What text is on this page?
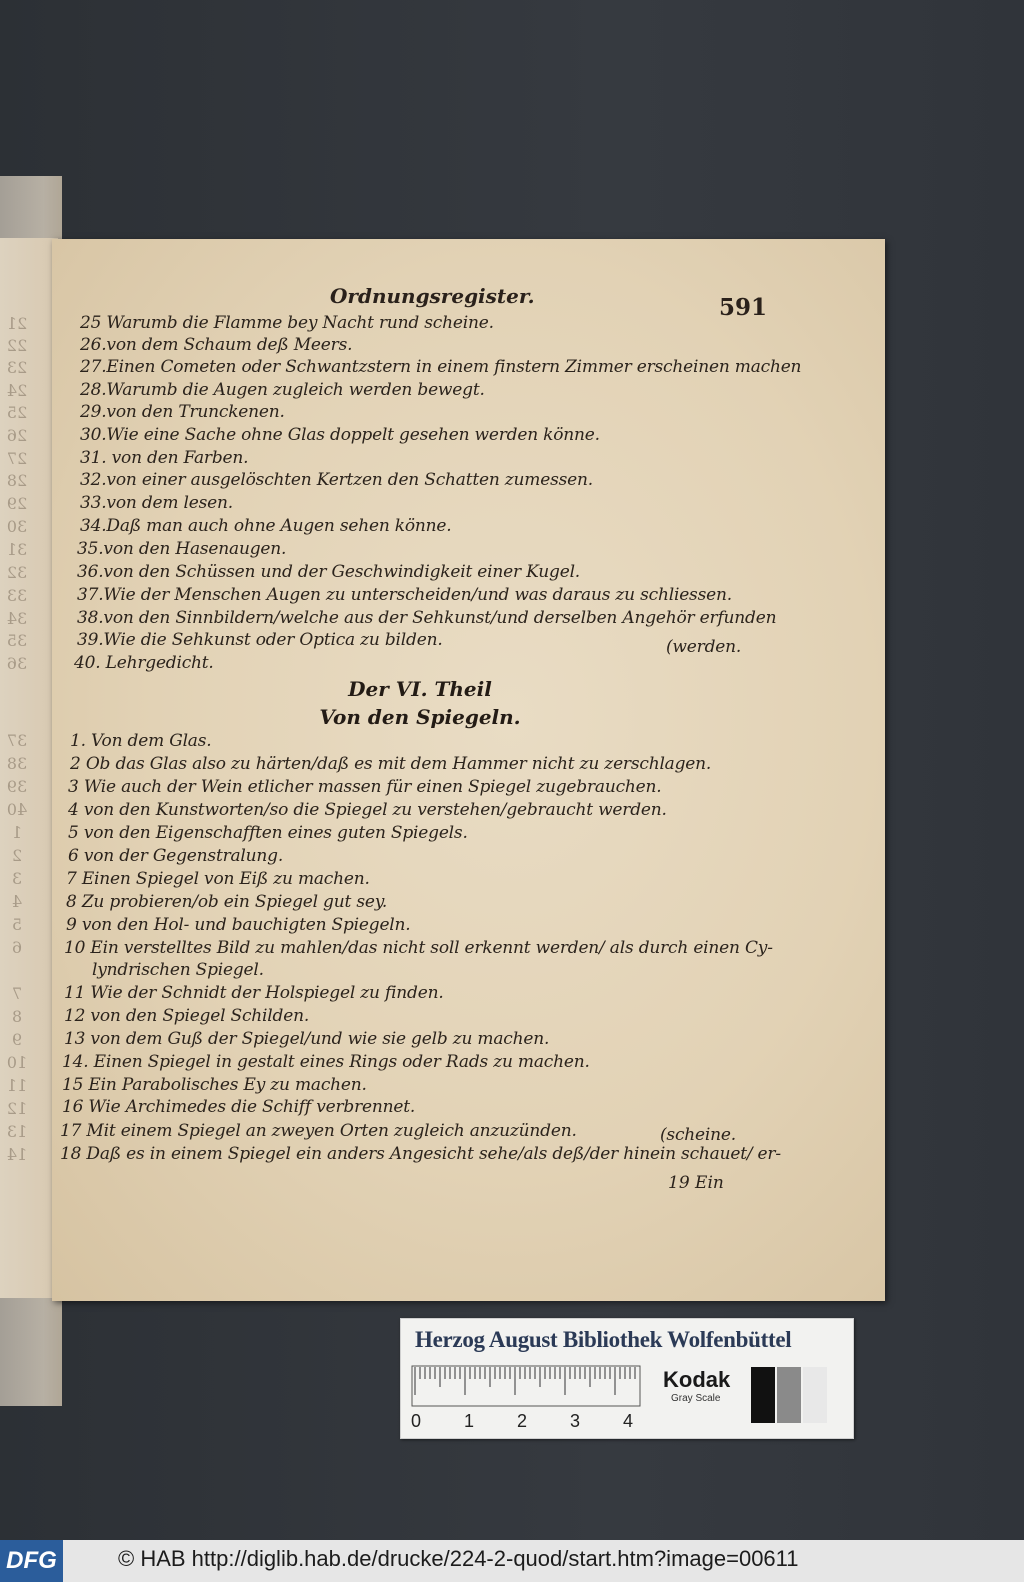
Ordnungsregister.	591
25 Warumb die Flamme bey Nacht rund scheine.
26.von dem Schaum deß Meers.
27.Einen Cometen oder Schwantzstern in einem finstern Zimmer erscheinen machen
28.Warumb die Augen zugleich werden bewegt.
29.von den Trunckenen.
30.Wie eine Sache ohne Glas doppelt gesehen werden könne.
31. von den Farben.
32.von einer ausgelöschten Kertzen den Schatten zumessen.
33.von dem lesen.
34.Daß man auch ohne Augen sehen könne.
35.von den Hasenaugen.
36.von den Schüssen und der Geschwindigkeit einer Kugel.
37.Wie der Menschen Augen zu unterscheiden/und was daraus zu schliessen.
38.von den Sinnbildern/welche aus der Sehkunst/und derselben Angehör erfunden
39.Wie die Sehkunst oder Optica zu bilden.
40. Lehrgedicht.
(werden.
Der VI. Theil
Von den Spiegeln.
1. Von dem Glas.
2 Ob das Glas also zu härten/daß es mit dem Hammer nicht zu zerschlagen.
3 Wie auch der Wein etlicher massen für einen Spiegel zugebrauchen.
4 von den Kunstworten/so die Spiegel zu verstehen/gebraucht werden.
5 von den Eigenschafften eines guten Spiegels.
6 von der Gegenstralung.
7 Einen Spiegel von Eiß zu machen.
8 Zu probieren/ob ein Spiegel gut sey.
9 von den Hol- und bauchigten Spiegeln.
10 Ein verstelltes Bild zu mahlen/das nicht soll erkennt werden/ als durch einen Cy-
lyndrischen Spiegel.
11 Wie der Schnidt der Holspiegel zu finden.
12 von den Spiegel Schilden.
13 von dem Guß der Spiegel/und wie sie gelb zu machen.
14. Einen Spiegel in gestalt eines Rings oder Rads zu machen.
15 Ein Parabolisches Ey zu machen.
16 Wie Archimedes die Schiff verbrennet.
17 Mit einem Spiegel an zweyen Orten zugleich anzuzünden.
18 Daß es in einem Spiegel ein anders Angesicht sehe/als deß/der hinein schauet/ er-
(scheine.
19 Ein
Herzog August Bibliothek Wolfenbüttel
0 1 2 3 4
Kodak
Gray Scale
DFG	© HAB http://diglib.hab.de/drucke/224-2-quod/start.htm?image=00611
21
22
23
24
25
26
27
28
29
30
31
32
33
34
35
36
37
38
39
40
1
2
3
4
5
6
7
8
9
10
11
12
13
14
